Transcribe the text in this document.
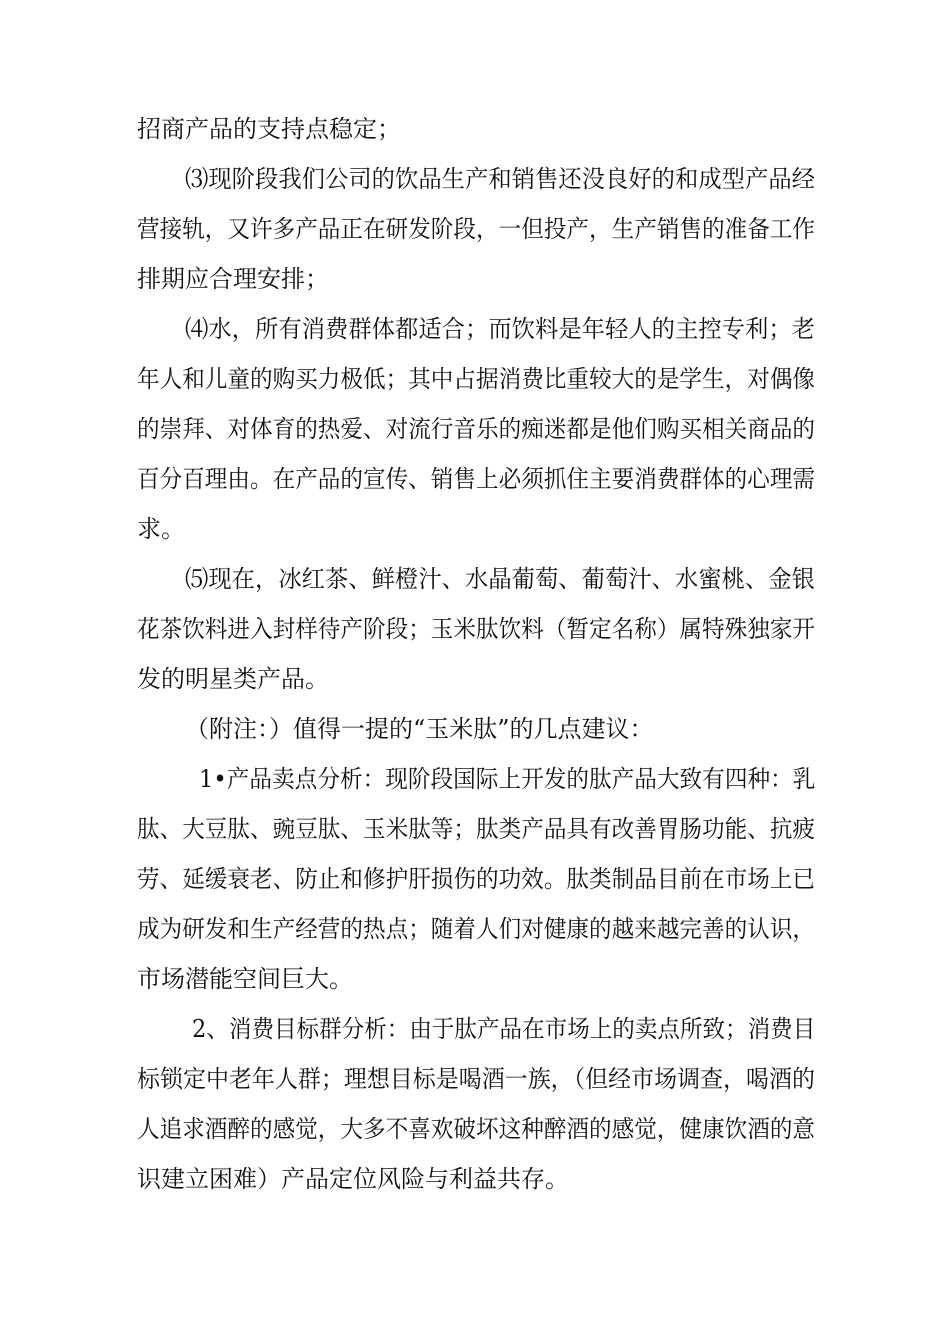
招商产品的支持点稳定；
⑶现阶段我们公司的饮品生产和销售还没良好的和成型产品经
营接轨，又许多产品正在研发阶段，一但投产，生产销售的准备工作
排期应合理安排；
⑷水，所有消费群体都适合；而饮料是年轻人的主控专利；老
年人和儿童的购买力极低；其中占据消费比重较大的是学生，对偶像
的崇拜、对体育的热爱、对流行音乐的痴迷都是他们购买相关商品的
百分百理由。在产品的宣传、销售上必须抓住主要消费群体的心理需
求。
⑸现在，冰红茶、鲜橙汁、水晶葡萄、葡萄汁、水蜜桃、金银
花茶饮料进入封样待产阶段；玉米肽饮料（暂定名称）属特殊独家开
发的明星类产品。
（附注：）值得一提的“玉米肽”的几点建议：
1•产品卖点分析：现阶段国际上开发的肽产品大致有四种：乳
肽、大豆肽、豌豆肽、玉米肽等；肽类产品具有改善胃肠功能、抗疲
劳、延缓衰老、防止和修护肝损伤的功效。肽类制品目前在市场上已
成为研发和生产经营的热点；随着人们对健康的越来越完善的认识，
市场潜能空间巨大。
2、消费目标群分析：由于肽产品在市场上的卖点所致；消费目
标锁定中老年人群；理想目标是喝酒一族，（但经市场调查，喝酒的
人追求酒醉的感觉，大多不喜欢破坏这种醉酒的感觉，健康饮酒的意
识建立困难）产品定位风险与利益共存。
